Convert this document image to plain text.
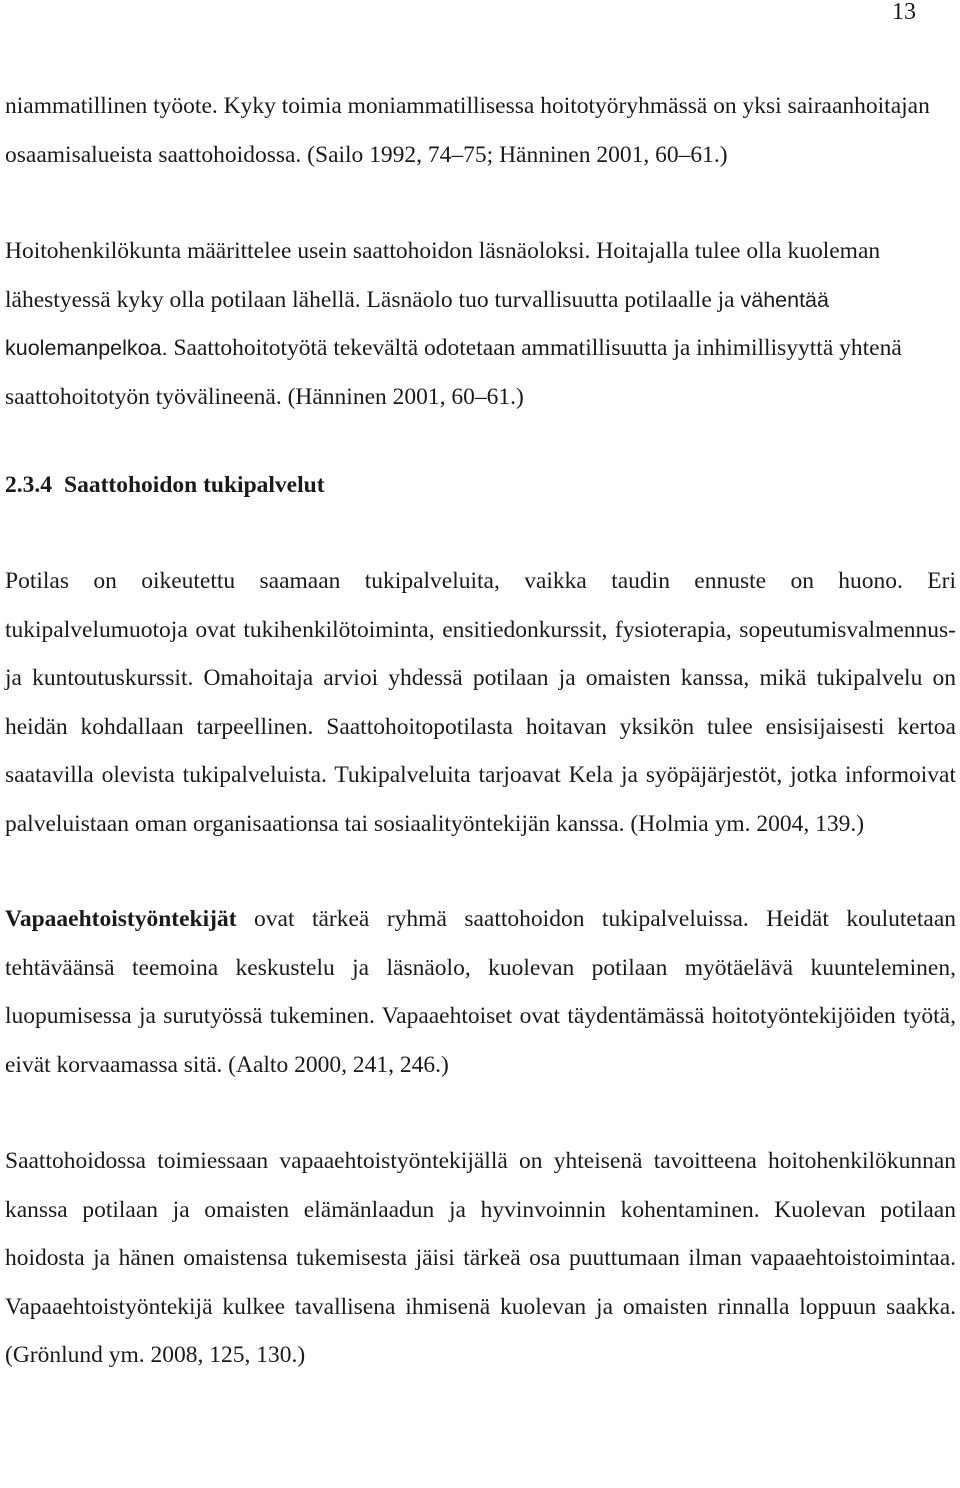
13

niammatillinen työote. Kyky toimia moniammatillisessa hoitotyöryhmässä on yksi sairaanhoitajan osaamisalueista saattohoidossa. (Sailo 1992, 74–75; Hänninen 2001, 60–61.)

Hoitohenkilökunta määrittelee usein saattohoidon läsnäoloksi. Hoitajalla tulee olla kuoleman lähestyessä kyky olla potilaan lähellä. Läsnäolo tuo turvallisuutta potilaalle ja vähentää kuolemanpelkoa. Saattohoitotyötä tekevältä odotetaan ammatillisuutta ja inhimillisyyttä yhtenä saattohoitotyön työvälineenä. (Hänninen 2001, 60–61.)

2.3.4 Saattohoidon tukipalvelut

Potilas on oikeutettu saamaan tukipalveluita, vaikka taudin ennuste on huono. Eri tukipalvelumuotoja ovat tukihenkilötoiminta, ensitiedonkurssit, fysioterapia, sopeutumisvalmennus- ja kuntoutuskurssit. Omahoitaja arvioi yhdessä potilaan ja omaisten kanssa, mikä tukipalvelu on heidän kohdallaan tarpeellinen. Saattohoitopotilasta hoitavan yksikön tulee ensisijaisesti kertoa saatavilla olevista tukipalveluista. Tukipalveluita tarjoavat Kela ja syöpäjärjestöt, jotka informoivat palveluistaan oman organisaationsa tai sosiaalityöntekijän kanssa. (Holmia ym. 2004, 139.)

Vapaaehtoistyöntekijät ovat tärkeä ryhmä saattohoidon tukipalveluissa. Heidät koulutetaan tehtäväänsä teemoina keskustelu ja läsnäolo, kuolevan potilaan myötäelävä kuunteleminen, luopumisessa ja surutyössä tukeminen. Vapaaehtoiset ovat täydentämässä hoitotyöntekijöiden työtä, eivät korvaamassa sitä. (Aalto 2000, 241, 246.)

Saattohoidossa toimiessaan vapaaehtoistyöntekijällä on yhteisenä tavoitteena hoitohenkilökunnan kanssa potilaan ja omaisten elämänlaadun ja hyvinvoinnin kohentaminen. Kuolevan potilaan hoidosta ja hänen omaistensa tukemisesta jäisi tärkeä osa puuttumaan ilman vapaaehtoistoimintaa. Vapaaehtoistyöntekijä kulkee tavallisena ihmisenä kuolevan ja omaisten rinnalla loppuun saakka. (Grönlund ym. 2008, 125, 130.)
